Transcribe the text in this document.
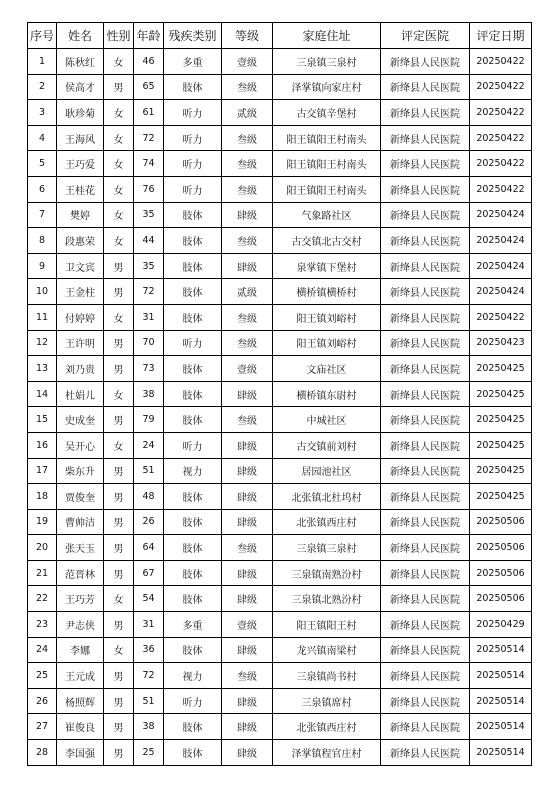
序号	姓名	性别	年龄	残疾类别	等级	家庭住址	评定医院	评定日期
1	陈秋红	女	46	多重	壹级	三泉镇三泉村	新绛县人民医院	20250422
2	侯高才	男	65	肢体	叁级	泽掌镇向家庄村	新绛县人民医院	20250422
3	耿珍菊	女	61	听力	贰级	古交镇辛堡村	新绛县人民医院	20250422
4	王海风	女	72	听力	叁级	阳王镇阳王村南头	新绛县人民医院	20250422
5	王巧爱	女	74	听力	叁级	阳王镇阳王村南头	新绛县人民医院	20250422
6	王桂花	女	76	听力	叁级	阳王镇阳王村南头	新绛县人民医院	20250422
7	樊婷	女	35	肢体	肆级	气象路社区	新绛县人民医院	20250424
8	段惠荣	女	44	肢体	叁级	古交镇北古交村	新绛县人民医院	20250424
9	卫文宾	男	35	肢体	肆级	泉掌镇下堡村	新绛县人民医院	20250424
10	王金柱	男	72	肢体	贰级	横桥镇横桥村	新绛县人民医院	20250424
11	付婷婷	女	31	肢体	叁级	阳王镇刘峪村	新绛县人民医院	20250422
12	王许明	男	70	听力	叁级	阳王镇刘峪村	新绛县人民医院	20250423
13	刘乃贵	男	73	肢体	壹级	文庙社区	新绛县人民医院	20250425
14	杜娟儿	女	38	肢体	肆级	横桥镇东尉村	新绛县人民医院	20250425
15	史成奎	男	79	肢体	叁级	中城社区	新绛县人民医院	20250425
16	吴开心	女	24	听力	肆级	古交镇前刘村	新绛县人民医院	20250425
17	柴东升	男	51	视力	肆级	居园池社区	新绛县人民医院	20250425
18	贾俊奎	男	48	肢体	肆级	北张镇北杜坞村	新绛县人民医院	20250425
19	曹帅洁	男	26	肢体	肆级	北张镇西庄村	新绛县人民医院	20250506
20	张天玉	男	64	肢体	叁级	三泉镇三泉村	新绛县人民医院	20250506
21	范晋林	男	67	肢体	肆级	三泉镇南熟汾村	新绛县人民医院	20250506
22	王巧芳	女	54	肢体	肆级	三泉镇北熟汾村	新绛县人民医院	20250506
23	尹志侠	男	31	多重	壹级	阳王镇阳王村	新绛县人民医院	20250429
24	李娜	女	36	肢体	肆级	龙兴镇南梁村	新绛县人民医院	20250514
25	王元成	男	72	视力	叁级	三泉镇尚书村	新绛县人民医院	20250514
26	杨照辉	男	51	听力	肆级	三泉镇席村	新绛县人民医院	20250514
27	崔俊良	男	38	肢体	肆级	北张镇西庄村	新绛县人民医院	20250514
28	李国强	男	25	肢体	肆级	泽掌镇程官庄村	新绛县人民医院	20250514
